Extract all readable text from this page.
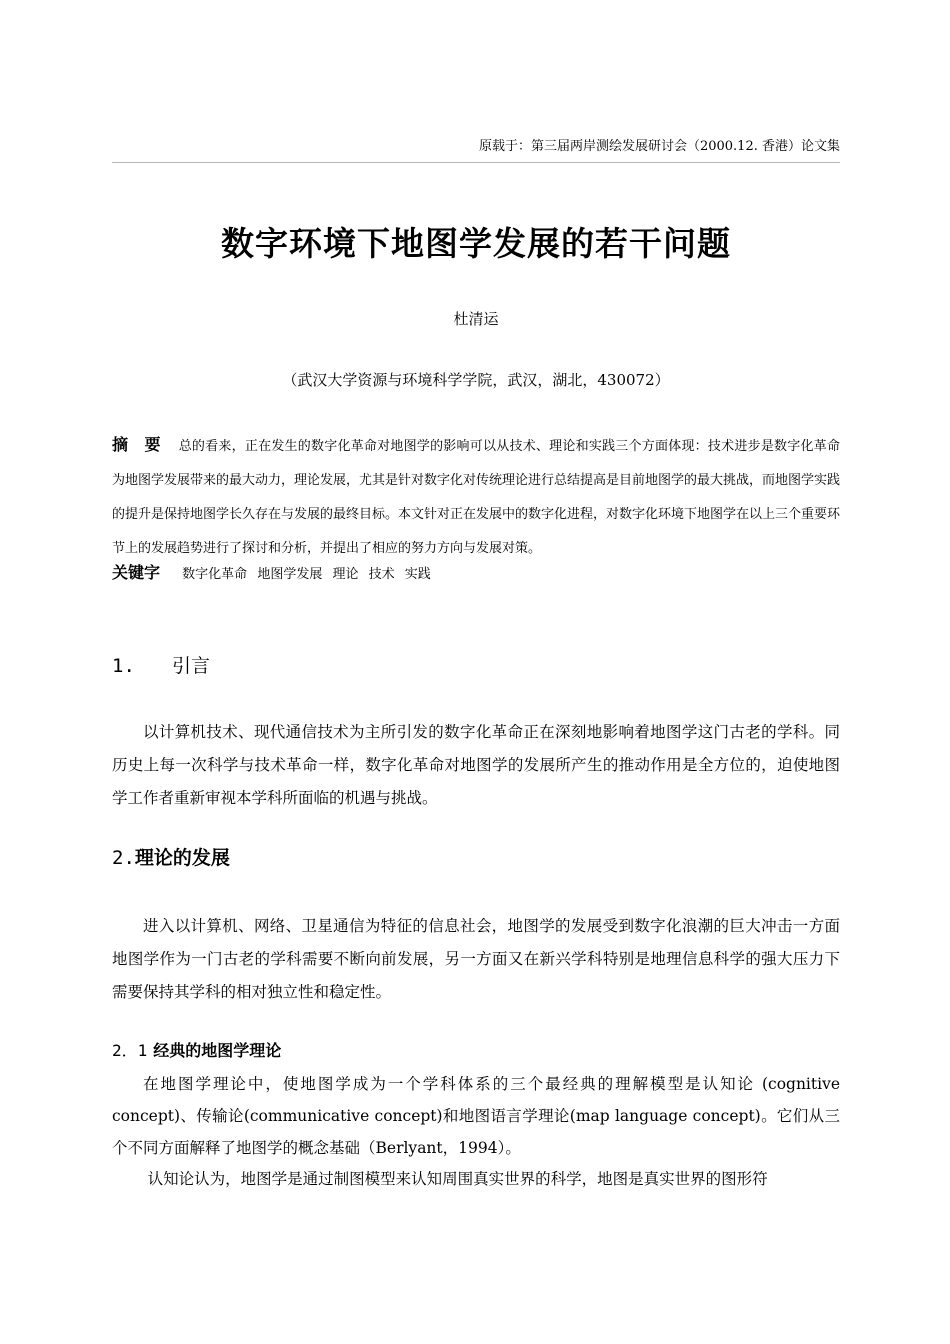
原载于：第三届两岸测绘发展研讨会（2000.12. 香港）论文集
数字环境下地图学发展的若干问题
杜清运
（武汉大学资源与环境科学学院，武汉，湖北，430072）
摘　要 总的看来，正在发生的数字化革命对地图学的影响可以从技术、理论和实践三个方面体现：技术进步是数字化革命为地图学发展带来的最大动力，理论发展，尤其是针对数字化对传统理论进行总结提高是目前地图学的最大挑战，而地图学实践的提升是保持地图学长久存在与发展的最终目标。本文针对正在发展中的数字化进程，对数字化环境下地图学在以上三个重要环节上的发展趋势进行了探讨和分析，并提出了相应的努力方向与发展对策。
关键字 数字化革命 地图学发展 理论 技术 实践
1. 引言

以计算机技术、现代通信技术为主所引发的数字化革命正在深刻地影响着地图学这门古老的学科。同历史上每一次科学与技术革命一样，数字化革命对地图学的发展所产生的推动作用是全方位的，迫使地图学工作者重新审视本学科所面临的机遇与挑战。

2.理论的发展

进入以计算机、网络、卫星通信为特征的信息社会，地图学的发展受到数字化浪潮的巨大冲击一方面地图学作为一门古老的学科需要不断向前发展，另一方面又在新兴学科特别是地理信息科学的强大压力下需要保持其学科的相对独立性和稳定性。

2．1 经典的地图学理论

在地图学理论中，使地图学成为一个学科体系的三个最经典的理解模型是认知论 (cognitive concept)、传输论(communicative concept)和地图语言学理论(map language concept)。它们从三个不同方面解释了地图学的概念基础（Berlyant，1994）。

认知论认为，地图学是通过制图模型来认知周围真实世界的科学，地图是真实世界的图形符
